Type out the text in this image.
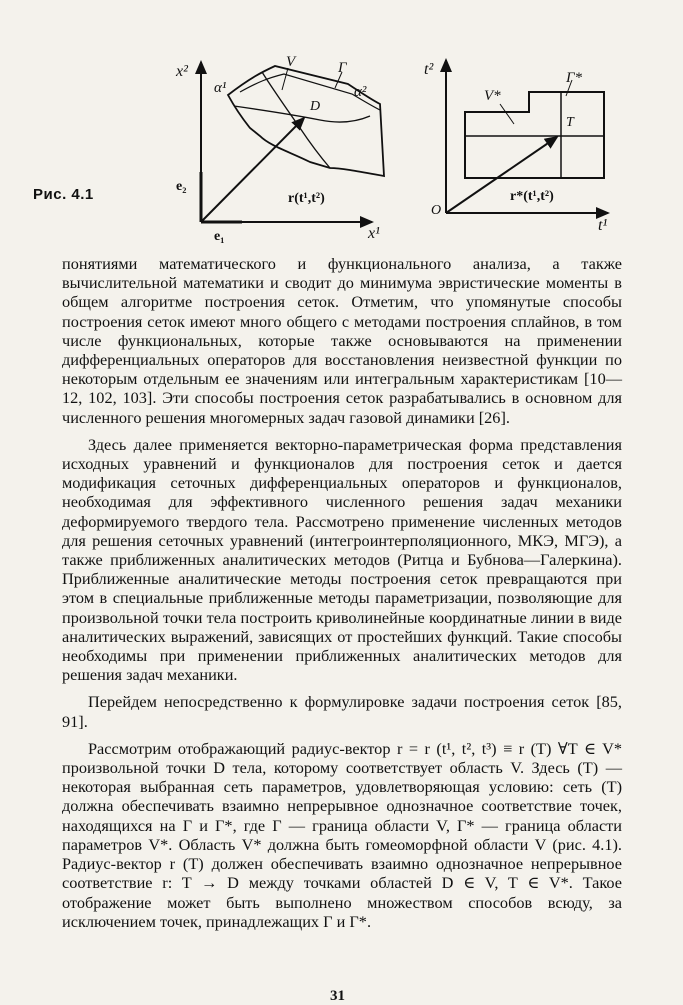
Рис. 4.1
x²
x¹
e₂
e₁
α¹	α²
V	Г
D
r(t¹,t²)
t²
t¹
O
V*
Г*
T
r*(t¹,t²)

понятиями математического и функционального анализа, а также вычислительной математики и сводит до минимума эвристические моменты в общем алгоритме построения сеток. Отметим, что упомянутые способы построения сеток имеют много общего с методами построения сплайнов, в том числе функциональных, которые также основываются на применении дифференциальных операторов для восстановления неизвестной функции по некоторым отдельным ее значениям или интегральным характеристикам [10—12, 102, 103]. Эти способы построения сеток разрабатывались в основном для численного решения многомерных задач газовой динамики [26].

Здесь далее применяется векторно-параметрическая форма представления исходных уравнений и функционалов для построения сеток и дается модификация сеточных дифференциальных операторов и функционалов, необходимая для эффективного численного решения задач механики деформируемого твердого тела. Рассмотрено применение численных методов для решения сеточных уравнений (интегроинтерполяционного, МКЭ, МГЭ), а также приближенных аналитических методов (Ритца и Бубнова—Галеркина). Приближенные аналитические методы построения сеток превращаются при этом в специальные приближенные методы параметризации, позволяющие для произвольной точки тела построить криволинейные координатные линии в виде аналитических выражений, зависящих от простейших функций. Такие способы необходимы при применении приближенных аналитических методов для решения задач механики.

Перейдем непосредственно к формулировке задачи построения сеток [85, 91].

Рассмотрим отображающий радиус-вектор r = r (t¹, t², t³) ≡ r (T) ∀T ∈ V* произвольной точки D тела, которому соответствует область V. Здесь (T) — некоторая выбранная сеть параметров, удовлетворяющая условию: сеть (T) должна обеспечивать взаимно непрерывное однозначное соответствие точек, находящихся на Г и Г*, где Г — граница области V, Г* — граница области параметров V*. Область V* должна быть гомеоморфной области V (рис. 4.1). Радиус-вектор r (T) должен обеспечивать взаимно однозначное непрерывное соответствие r: T → D между точками областей D ∈ V, T ∈ V*. Такое отображение может быть выполнено множеством способов всюду, за исключением точек, принадлежащих Г и Г*.

31
